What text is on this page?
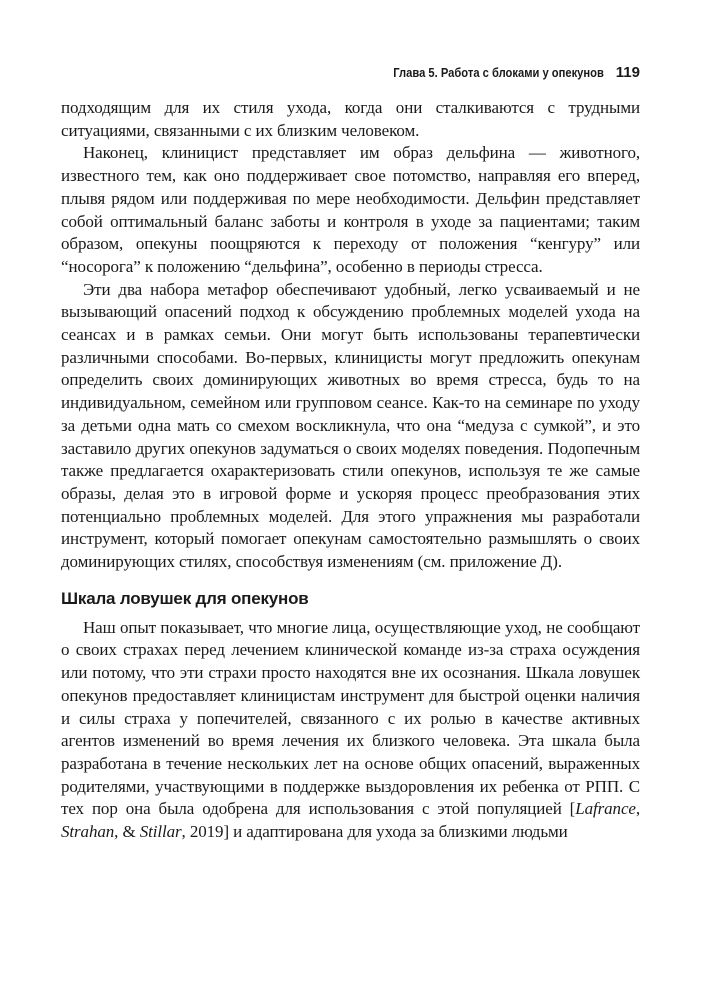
Глава 5. Работа с блоками у опекунов 119

подходящим для их стиля ухода, когда они сталкиваются с трудными ситуациями, связанными с их близким человеком.

Наконец, клиницист представляет им образ дельфина — животного, известного тем, как оно поддерживает свое потомство, направляя его вперед, плывя рядом или поддерживая по мере необходимости. Дельфин представляет собой оптимальный баланс заботы и контроля в уходе за пациентами; таким образом, опекуны поощряются к переходу от положения “кенгуру” или “носорога” к положению “дельфина”, особенно в периоды стресса.

Эти два набора метафор обеспечивают удобный, легко усваиваемый и не вызывающий опасений подход к обсуждению проблемных моделей ухода на сеансах и в рамках семьи. Они могут быть использованы терапевтически различными способами. Во-первых, клиницисты могут предложить опекунам определить своих доминирующих животных во время стресса, будь то на индивидуальном, семейном или групповом сеансе. Как-то на семинаре по уходу за детьми одна мать со смехом воскликнула, что она “медуза с сумкой”, и это заставило других опекунов задуматься о своих моделях поведения. Подопечным также предлагается охарактеризовать стили опекунов, используя те же самые образы, делая это в игровой форме и ускоряя процесс преобразования этих потенциально проблемных моделей. Для этого упражнения мы разработали инструмент, который помогает опекунам самостоятельно размышлять о своих доминирующих стилях, способствуя изменениям (см. приложение Д).

Шкала ловушек для опекунов

Наш опыт показывает, что многие лица, осуществляющие уход, не сообщают о своих страхах перед лечением клинической команде из-за страха осуждения или потому, что эти страхи просто находятся вне их осознания. Шкала ловушек опекунов предоставляет клиницистам инструмент для быстрой оценки наличия и силы страха у попечителей, связанного с их ролью в качестве активных агентов изменений во время лечения их близкого человека. Эта шкала была разработана в течение нескольких лет на основе общих опасений, выраженных родителями, участвующими в поддержке выздоровления их ребенка от РПП. С тех пор она была одобрена для использования с этой популяцией [Lafrance, Strahan, & Stillar, 2019] и адаптирована для ухода за близкими людьми
